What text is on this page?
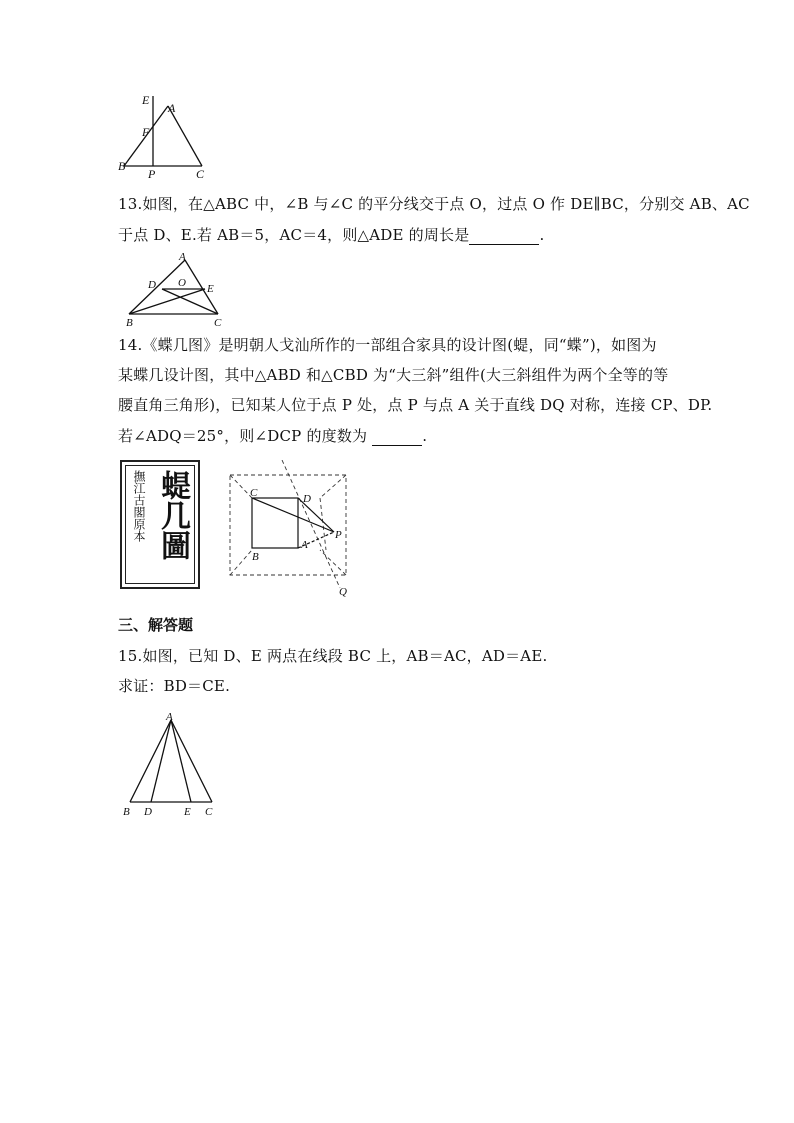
E
A
F
B
P	C
13.如图，在△ABC 中，∠B 与∠C 的平分线交于点 O，过点 O 作 DE∥BC，分别交 AB、AC
于点 D、E.若 AB＝5，AC＝4，则△ADE 的周长是	.
A
D O E
B	C
14.《蝶几图》是明朝人戈汕所作的一部组合家具的设计图(蝭，同“蝶”)，如图为
某蝶几设计图，其中△ABD 和△CBD 为“大三斜”组件(大三斜组件为两个全等的等
腰直角三角形)，已知某人位于点 P 处，点 P 与点 A 关于直线 DQ 对称，连接 CP、DP.
若∠ADQ＝25°，则∠DCP 的度数为	.
撫江古閣原本 蝭几圖	C	D
P
B
A
Q
三、解答题
15.如图，已知 D、E 两点在线段 BC 上，AB＝AC，AD＝AE.
求证：BD＝CE.
A
B D	E C
